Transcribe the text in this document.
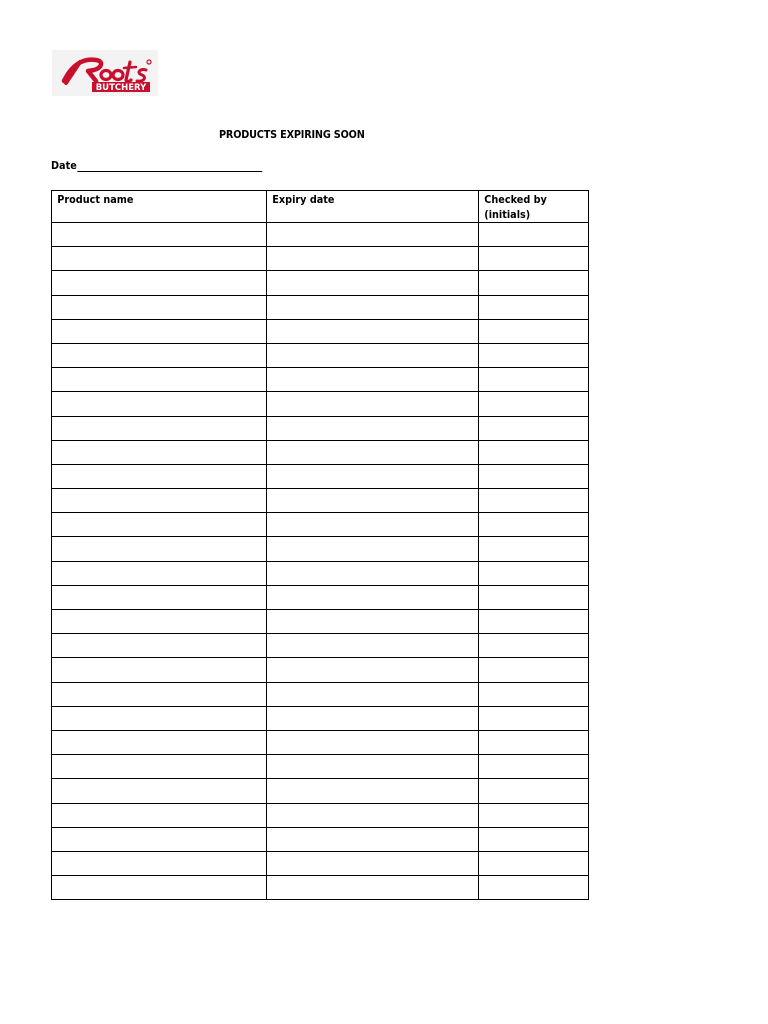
BUTCHERY
PRODUCTS EXPIRING SOON
Date
Product name	Expiry date	Checked by
(initials)
